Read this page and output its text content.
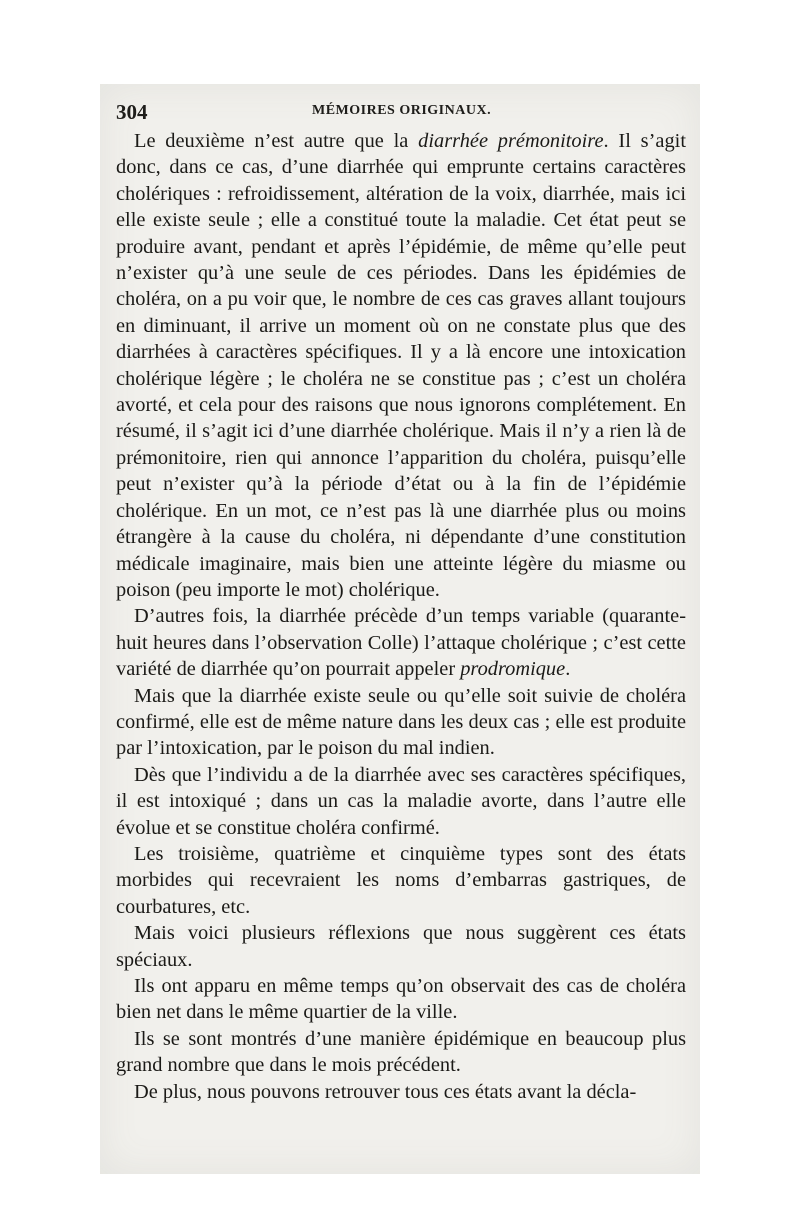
304	MÉMOIRES ORIGINAUX.

Le deuxième n’est autre que la diarrhée prémonitoire. Il s’agit donc, dans ce cas, d’une diarrhée qui emprunte certains caractères cholériques : refroidissement, altération de la voix, diarrhée, mais ici elle existe seule ; elle a constitué toute la maladie. Cet état peut se produire avant, pendant et après l’épidémie, de même qu’elle peut n’exister qu’à une seule de ces périodes. Dans les épidémies de choléra, on a pu voir que, le nombre de ces cas graves allant toujours en diminuant, il arrive un moment où on ne constate plus que des diarrhées à caractères spécifiques. Il y a là encore une intoxication cholérique légère ; le choléra ne se constitue pas ; c’est un choléra avorté, et cela pour des raisons que nous ignorons complétement. En résumé, il s’agit ici d’une diarrhée cholérique. Mais il n’y a rien là de prémonitoire, rien qui annonce l’apparition du choléra, puisqu’elle peut n’exister qu’à la période d’état ou à la fin de l’épidémie cholérique. En un mot, ce n’est pas là une diarrhée plus ou moins étrangère à la cause du choléra, ni dépendante d’une constitution médicale imaginaire, mais bien une atteinte légère du miasme ou poison (peu importe le mot) cholérique.

D’autres fois, la diarrhée précède d’un temps variable (quarante-huit heures dans l’observation Colle) l’attaque cholérique ; c’est cette variété de diarrhée qu’on pourrait appeler prodromique.

Mais que la diarrhée existe seule ou qu’elle soit suivie de choléra confirmé, elle est de même nature dans les deux cas ; elle est produite par l’intoxication, par le poison du mal indien.

Dès que l’individu a de la diarrhée avec ses caractères spécifiques, il est intoxiqué ; dans un cas la maladie avorte, dans l’autre elle évolue et se constitue choléra confirmé.

Les troisième, quatrième et cinquième types sont des états morbides qui recevraient les noms d’embarras gastriques, de courbatures, etc.

Mais voici plusieurs réflexions que nous suggèrent ces états spéciaux.

Ils ont apparu en même temps qu’on observait des cas de choléra bien net dans le même quartier de la ville.

Ils se sont montrés d’une manière épidémique en beaucoup plus grand nombre que dans le mois précédent.

De plus, nous pouvons retrouver tous ces états avant la décla-
